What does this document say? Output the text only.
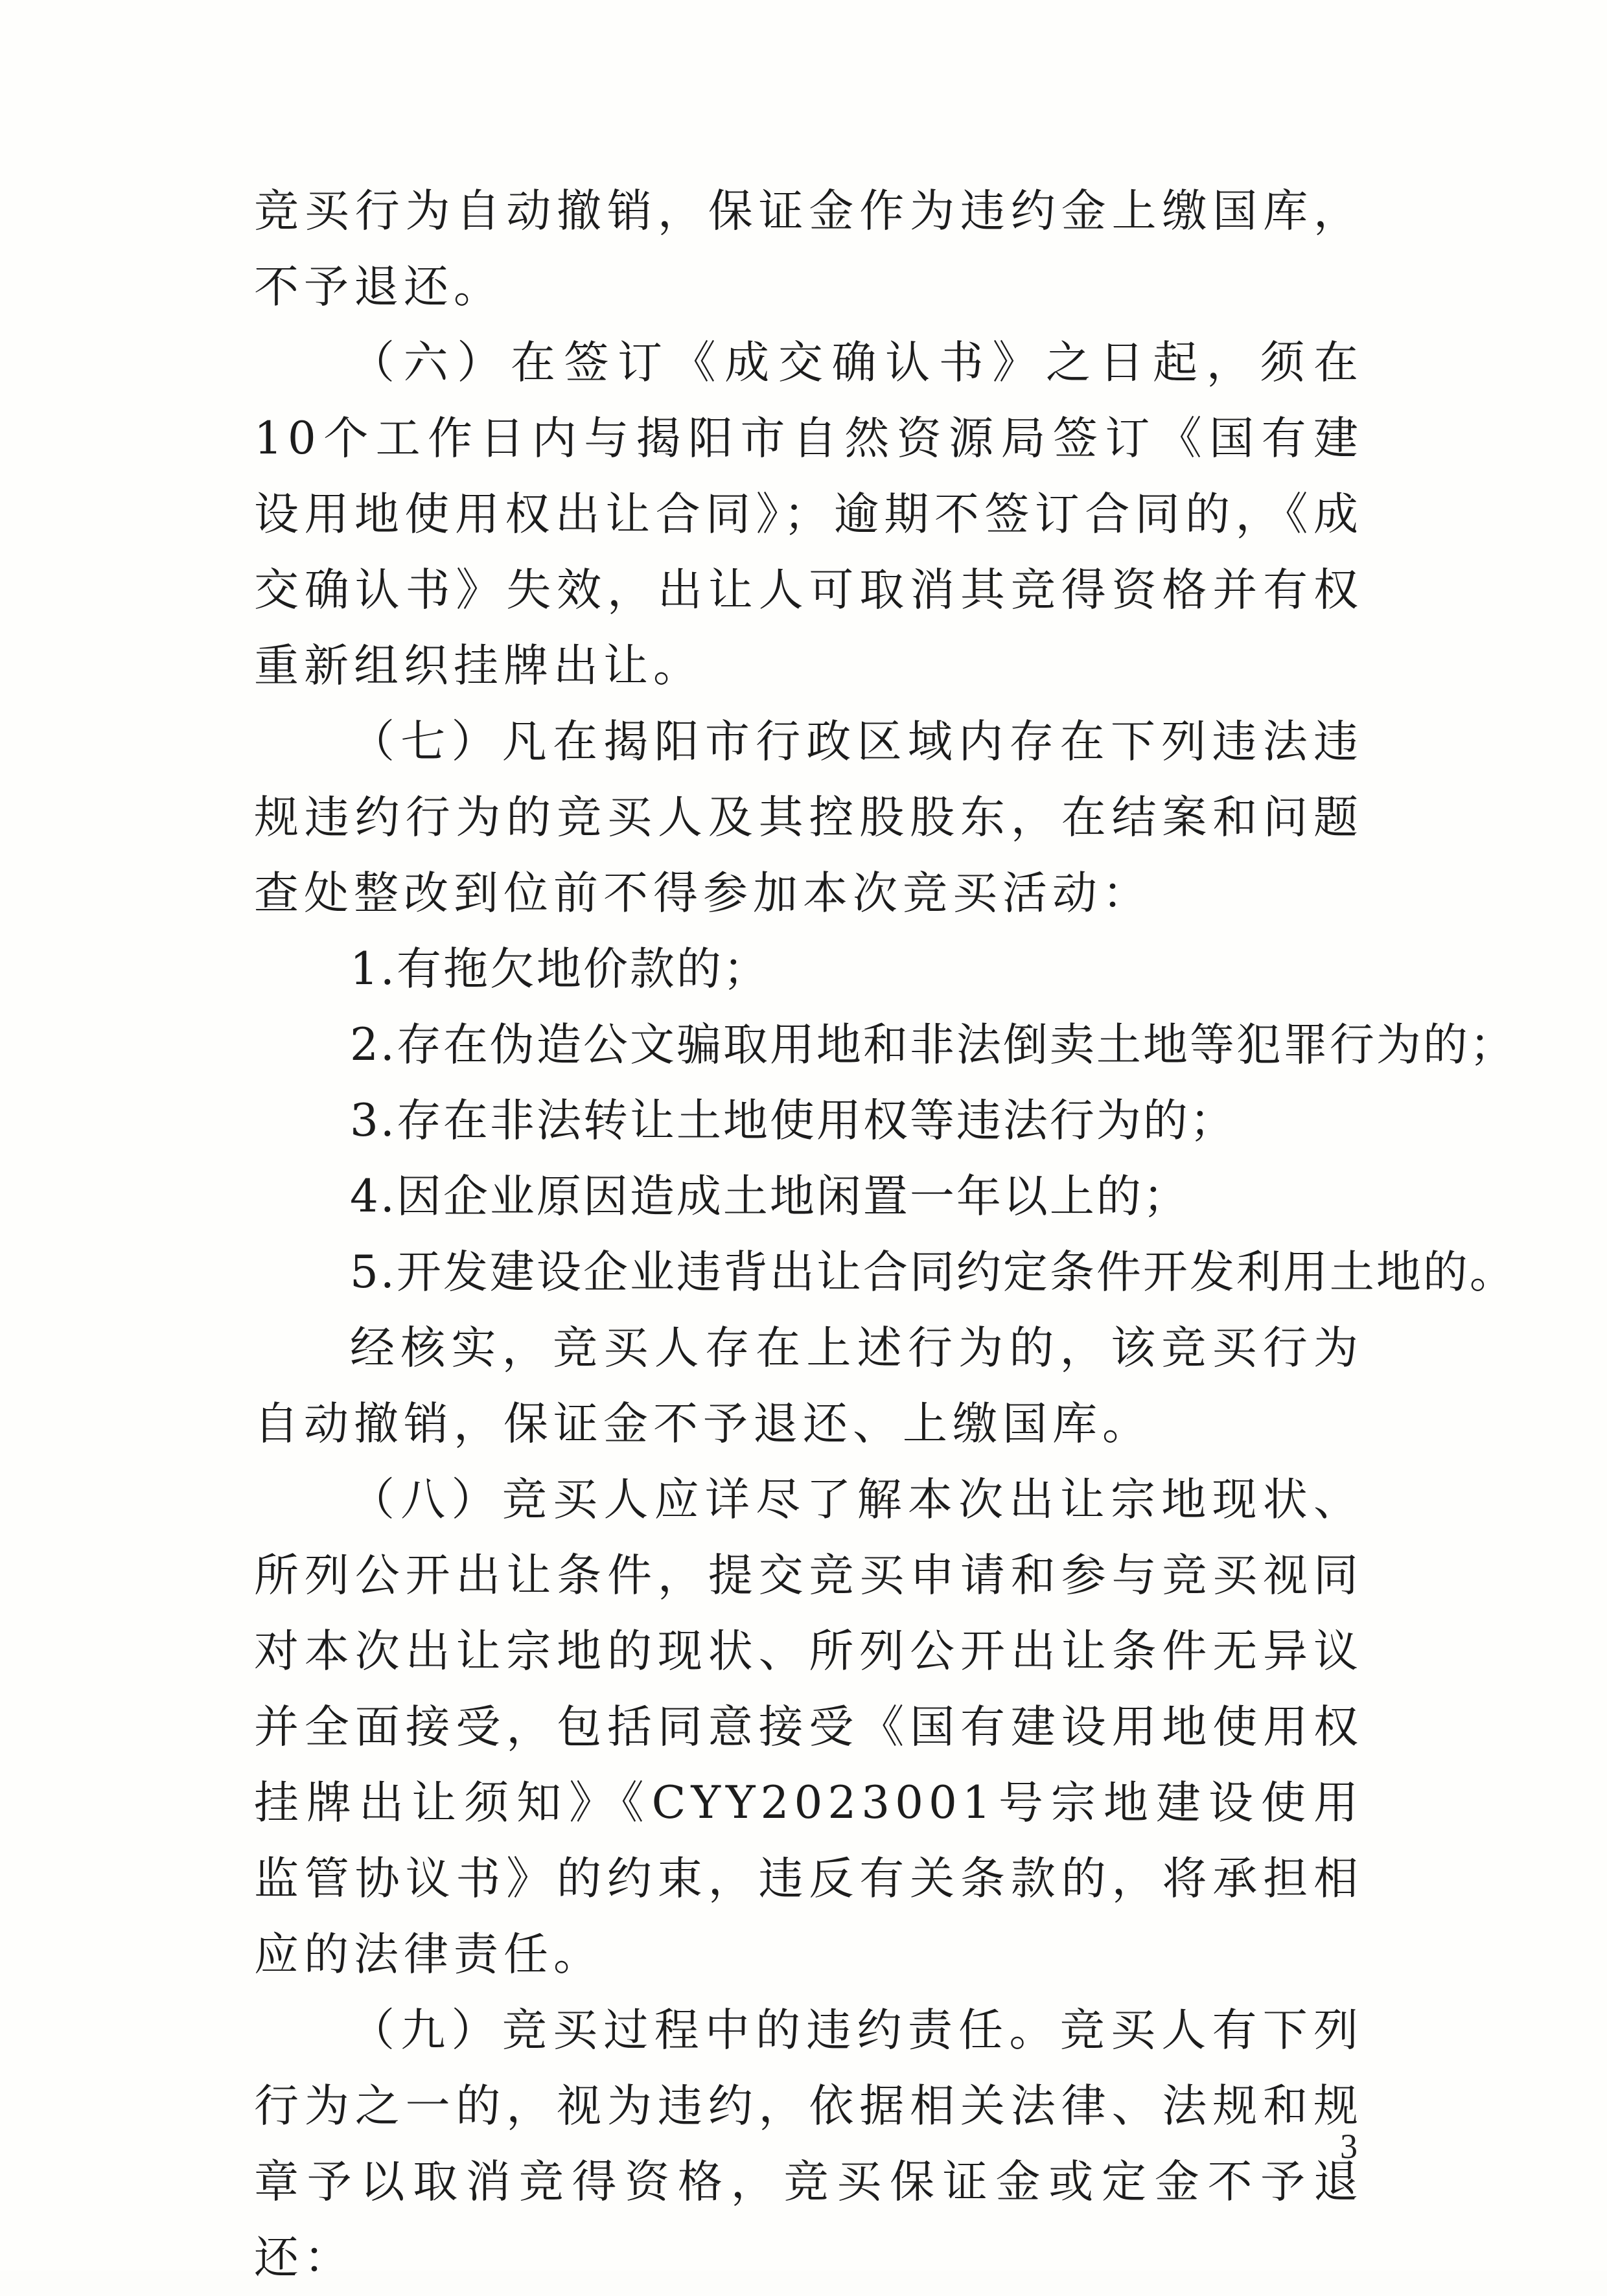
竞买行为自动撤销，保证金作为违约金上缴国库，不予退还。

（六）在签订《成交确认书》之日起，须在10个工作日内与揭阳市自然资源局签订《国有建设用地使用权出让合同》；逾期不签订合同的，《成交确认书》失效，出让人可取消其竞得资格并有权重新组织挂牌出让。

（七）凡在揭阳市行政区域内存在下列违法违规违约行为的竞买人及其控股股东，在结案和问题查处整改到位前不得参加本次竞买活动：

1.有拖欠地价款的；

2.存在伪造公文骗取用地和非法倒卖土地等犯罪行为的；

3.存在非法转让土地使用权等违法行为的；

4.因企业原因造成土地闲置一年以上的；

5.开发建设企业违背出让合同约定条件开发利用土地的。

经核实，竞买人存在上述行为的，该竞买行为自动撤销，保证金不予退还、上缴国库。

（八）竞买人应详尽了解本次出让宗地现状、所列公开出让条件，提交竞买申请和参与竞买视同对本次出让宗地的现状、所列公开出让条件无异议并全面接受，包括同意接受《国有建设用地使用权挂牌出让须知》《CYY2023001号宗地建设使用监管协议书》的约束，违反有关条款的，将承担相应的法律责任。

（九）竞买过程中的违约责任。竞买人有下列行为之一的，视为违约，依据相关法律、法规和规章予以取消竞得资格，竞买保证金或定金不予退还：

3
